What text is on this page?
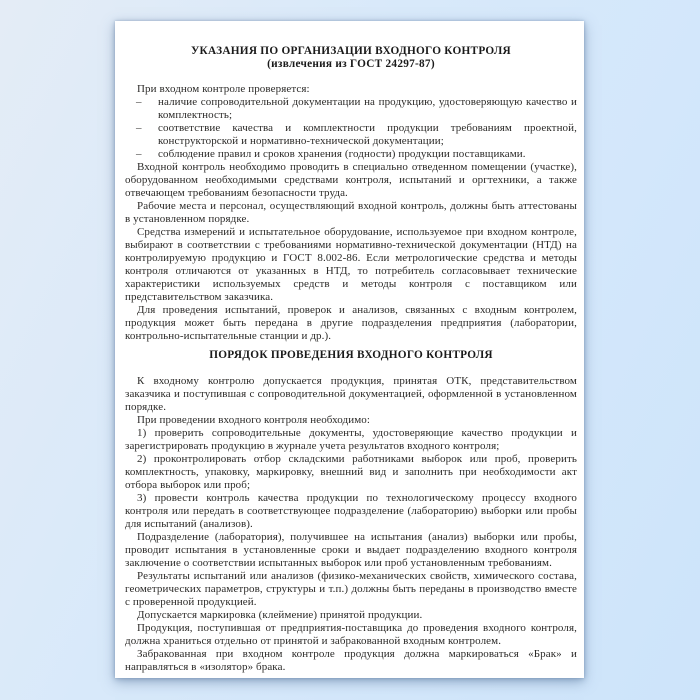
УКАЗАНИЯ ПО ОРГАНИЗАЦИИ ВХОДНОГО КОНТРОЛЯ
(извлечения из ГОСТ 24297-87)

При входном контроле проверяется:

– наличие сопроводительной документации на продукцию, удостоверяющую качество и комплектность;
– соответствие качества и комплектности продукции требованиям проектной, конструкторской и нормативно-технической документации;
– соблюдение правил и сроков хранения (годности) продукции поставщиками.

Входной контроль необходимо проводить в специально отведенном помещении (участке), оборудованном необходимыми средствами контроля, испытаний и оргтехники, а также отвечающем требованиям безопасности труда.

Рабочие места и персонал, осуществляющий входной контроль, должны быть аттестованы в установленном порядке.

Средства измерений и испытательное оборудование, используемое при входном контроле, выбирают в соответствии с требованиями нормативно-технической документации (НТД) на контролируемую продукцию и ГОСТ 8.002-86. Если метрологические средства и методы контроля отличаются от указанных в НТД, то потребитель согласовывает технические характеристики используемых средств и методы контроля с поставщиком или представительством заказчика.

Для проведения испытаний, проверок и анализов, связанных с входным контролем, продукция может быть передана в другие подразделения предприятия (лаборатории, контрольно-испытательные станции и др.).

ПОРЯДОК ПРОВЕДЕНИЯ ВХОДНОГО КОНТРОЛЯ

К входному контролю допускается продукция, принятая ОТК, представительством заказчика и поступившая с сопроводительной документацией, оформленной в установленном порядке.

При проведении входного контроля необходимо:

1) проверить сопроводительные документы, удостоверяющие качество продукции и зарегистрировать продукцию в журнале учета результатов входного контроля;

2) проконтролировать отбор складскими работниками выборок или проб, проверить комплектность, упаковку, маркировку, внешний вид и заполнить при необходимости акт отбора выборок или проб;

3) провести контроль качества продукции по технологическому процессу входного контроля или передать в соответствующее подразделение (лабораторию) выборки или пробы для испытаний (анализов).

Подразделение (лаборатория), получившее на испытания (анализ) выборки или пробы, проводит испытания в установленные сроки и выдает подразделению входного контроля заключение о соответствии испытанных выборок или проб установленным требованиям.

Результаты испытаний или анализов (физико-механических свойств, химического состава, геометрических параметров, структуры и т.п.) должны быть переданы в производство вместе с проверенной продукцией.

Допускается маркировка (клеймение) принятой продукции.

Продукция, поступившая от предприятия-поставщика до проведения входного контроля, должна храниться отдельно от принятой и забракованной входным контролем.

Забракованная при входном контроле продукция должна маркироваться «Брак» и направляться в «изолятор» брака.
